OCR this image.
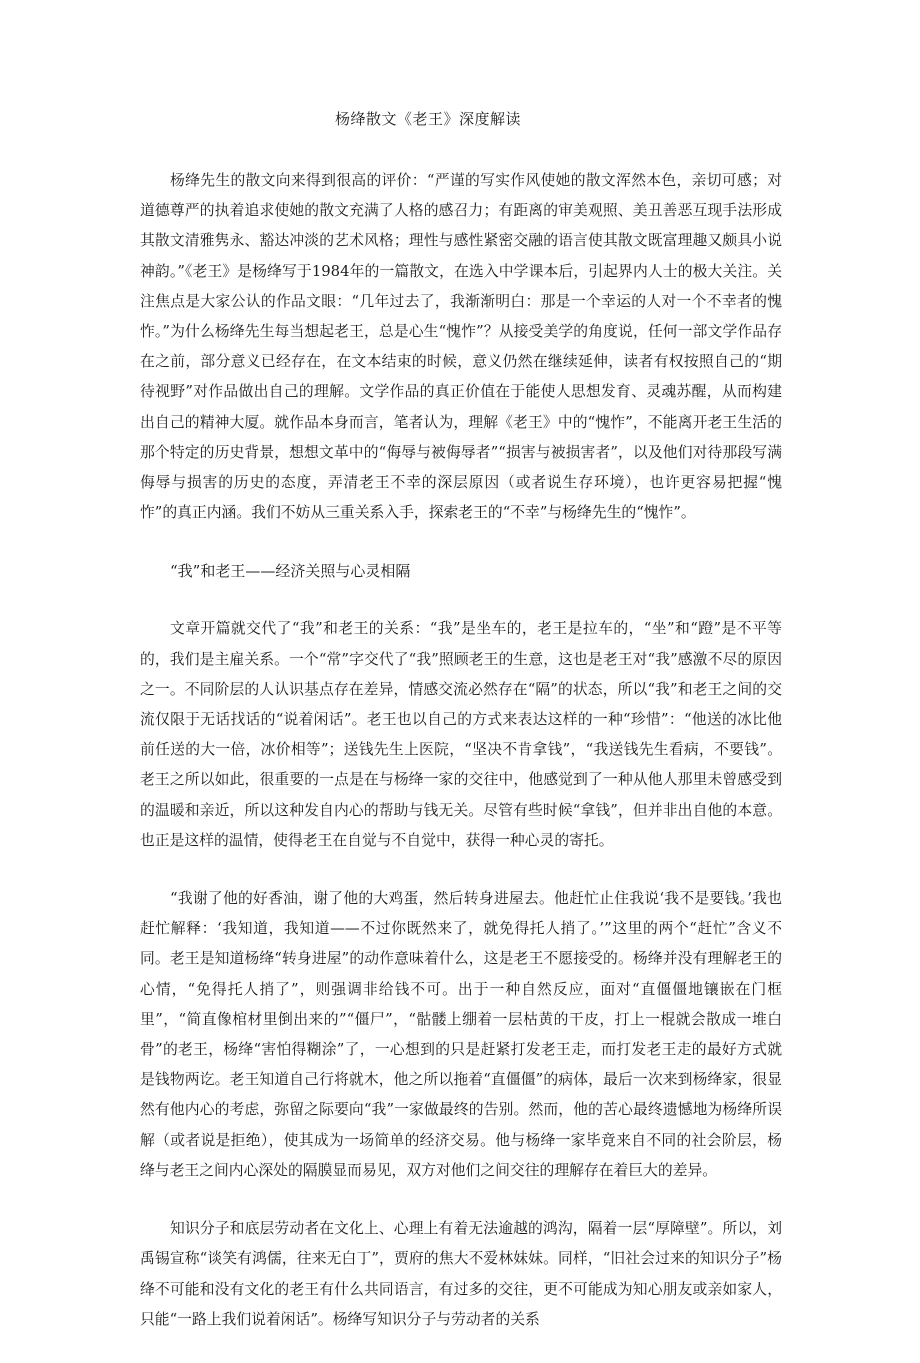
杨绛散文《老王》深度解读

杨绛先生的散文向来得到很高的评价：“严谨的写实作风使她的散文浑然本色，亲切可感；对道德尊严的执着追求使她的散文充满了人格的感召力；有距离的审美观照、美丑善恶互现手法形成其散文清雅隽永、豁达冲淡的艺术风格；理性与感性紧密交融的语言使其散文既富理趣又颇具小说神韵。”《老王》是杨绛写于1984年的一篇散文，在选入中学课本后，引起界内人士的极大关注。关注焦点是大家公认的作品文眼：“几年过去了，我渐渐明白：那是一个幸运的人对一个不幸者的愧怍。”为什么杨绛先生每当想起老王，总是心生“愧怍”？从接受美学的角度说，任何一部文学作品存在之前，部分意义已经存在，在文本结束的时候，意义仍然在继续延伸，读者有权按照自己的“期待视野”对作品做出自己的理解。文学作品的真正价值在于能使人思想发育、灵魂苏醒，从而构建出自己的精神大厦。就作品本身而言，笔者认为，理解《老王》中的“愧怍”，不能离开老王生活的那个特定的历史背景，想想文革中的“侮辱与被侮辱者”“损害与被损害者”，以及他们对待那段写满侮辱与损害的历史的态度，弄清老王不幸的深层原因（或者说生存环境），也许更容易把握“愧怍”的真正内涵。我们不妨从三重关系入手，探索老王的“不幸”与杨绛先生的“愧怍”。

“我”和老王——经济关照与心灵相隔

文章开篇就交代了“我”和老王的关系：“我”是坐车的，老王是拉车的，“坐”和“蹬”是不平等的，我们是主雇关系。一个“常”字交代了“我”照顾老王的生意，这也是老王对“我”感激不尽的原因之一。不同阶层的人认识基点存在差异，情感交流必然存在“隔”的状态，所以“我”和老王之间的交流仅限于无话找话的“说着闲话”。老王也以自己的方式来表达这样的一种“珍惜”：“他送的冰比他前任送的大一倍，冰价相等”；送钱先生上医院，“坚决不肯拿钱”，“我送钱先生看病，不要钱”。老王之所以如此，很重要的一点是在与杨绛一家的交往中，他感觉到了一种从他人那里未曾感受到的温暖和亲近，所以这种发自内心的帮助与钱无关。尽管有些时候“拿钱”，但并非出自他的本意。也正是这样的温情，使得老王在自觉与不自觉中，获得一种心灵的寄托。

“我谢了他的好香油，谢了他的大鸡蛋，然后转身进屋去。他赶忙止住我说‘我不是要钱。’我也赶忙解释：‘我知道，我知道——不过你既然来了，就免得托人捎了。’”这里的两个“赶忙”含义不同。老王是知道杨绛“转身进屋”的动作意味着什么，这是老王不愿接受的。杨绛并没有理解老王的心情，“免得托人捎了”，则强调非给钱不可。出于一种自然反应，面对“直僵僵地镶嵌在门框里”，“简直像棺材里倒出来的”“僵尸”，“骷髅上绷着一层枯黄的干皮，打上一棍就会散成一堆白骨”的老王，杨绛“害怕得糊涂”了，一心想到的只是赶紧打发老王走，而打发老王走的最好方式就是钱物两讫。老王知道自己行将就木，他之所以拖着“直僵僵”的病体，最后一次来到杨绛家，很显然有他内心的考虑，弥留之际要向“我”一家做最终的告别。然而，他的苦心最终遗憾地为杨绛所误解（或者说是拒绝），使其成为一场简单的经济交易。他与杨绛一家毕竟来自不同的社会阶层，杨绛与老王之间内心深处的隔膜显而易见，双方对他们之间交往的理解存在着巨大的差异。

知识分子和底层劳动者在文化上、心理上有着无法逾越的鸿沟，隔着一层“厚障壁”。所以，刘禹锡宣称“谈笑有鸿儒，往来无白丁”，贾府的焦大不爱林妹妹。同样，“旧社会过来的知识分子”杨绛不可能和没有文化的老王有什么共同语言，有过多的交往，更不可能成为知心朋友或亲如家人，只能“一路上我们说着闲话”。杨绛写知识分子与劳动者的关系
